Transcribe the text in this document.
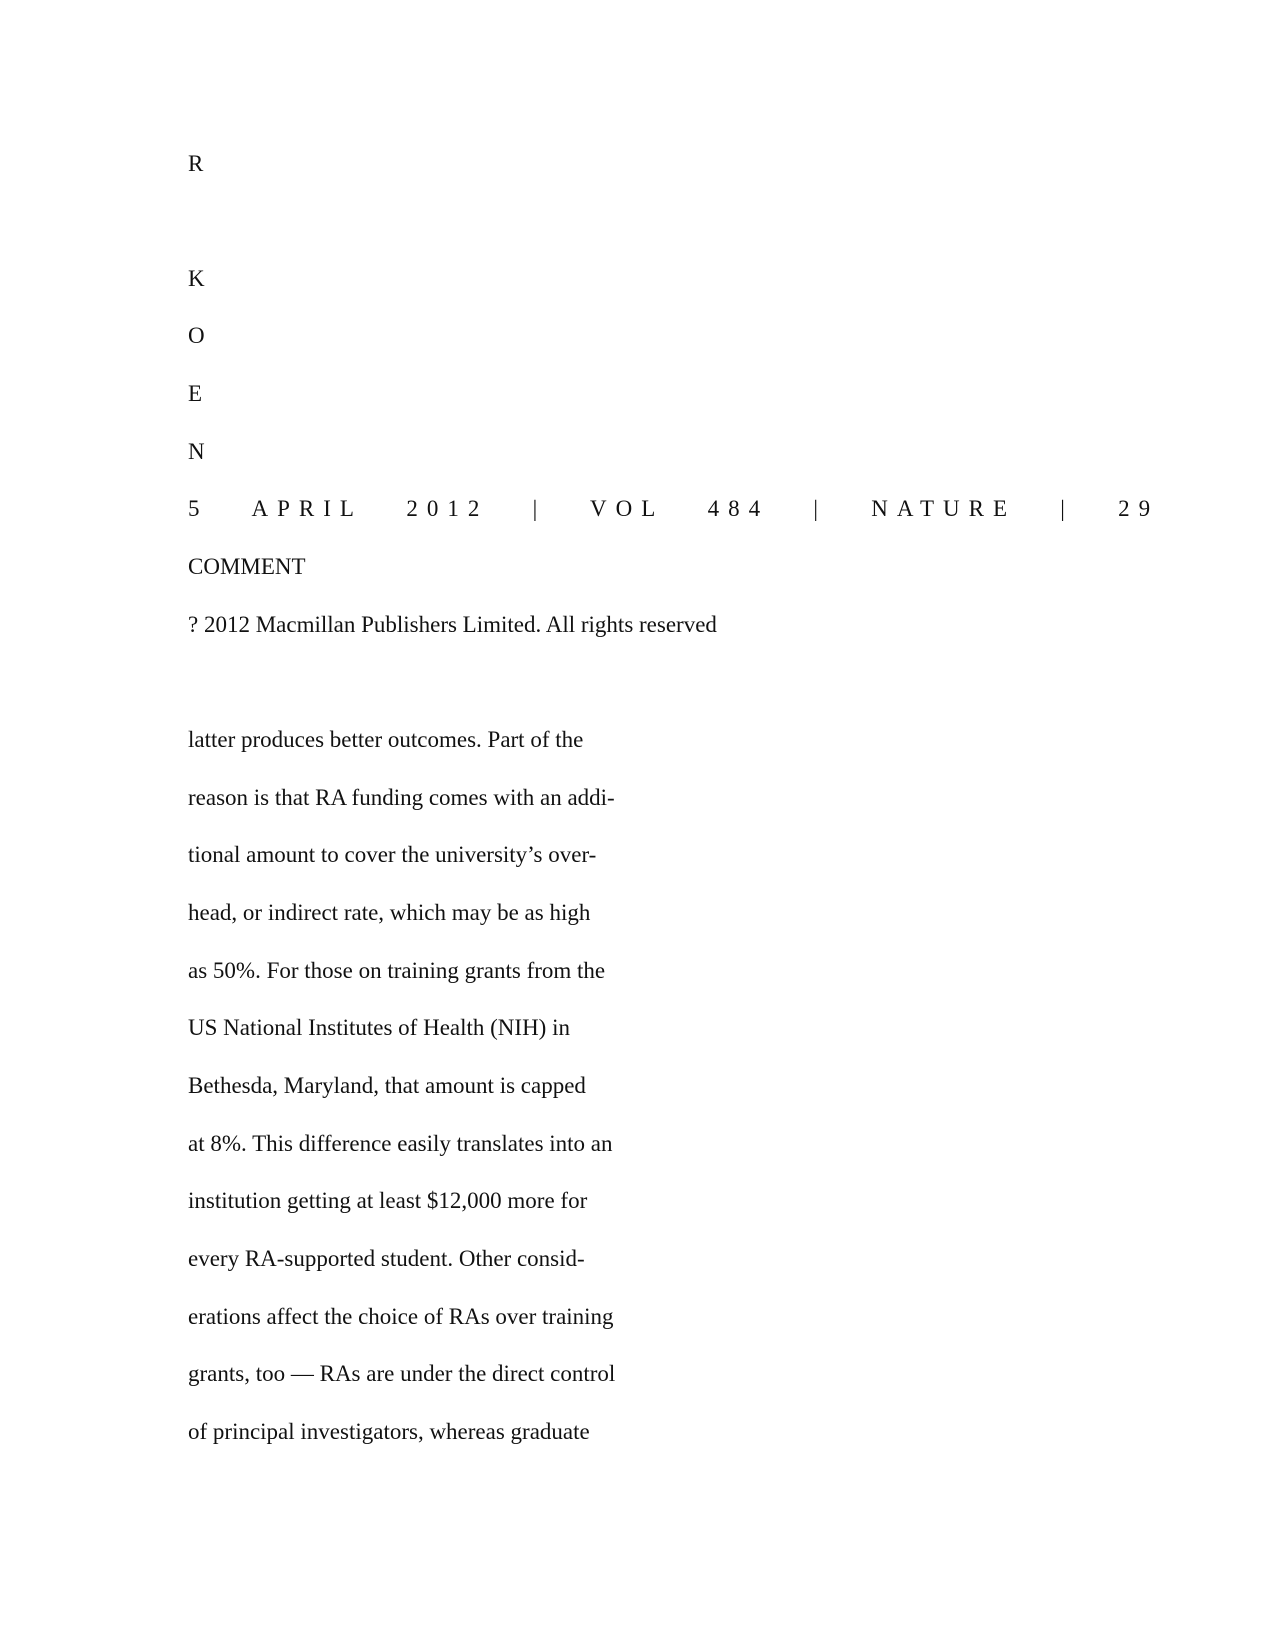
R
K
O
E
N
5   APRIL   2012   |   VOL   484   |   NATURE   |   29
COMMENT
? 2012 Macmillan Publishers Limited. All rights reserved
latter produces better outcomes. Part of the
reason is that RA funding comes with an addi-
tional amount to cover the university’s over-
head, or indirect rate, which may be as high
as 50%. For those on training grants from the
US National Institutes of Health (NIH) in
Bethesda, Maryland, that amount is capped
at 8%. This difference easily translates into an
institution getting at least $12,000 more for
every RA-supported student. Other consid-
erations affect the choice of RAs over training
grants, too — RAs are under the direct control
of principal investigators, whereas graduate
